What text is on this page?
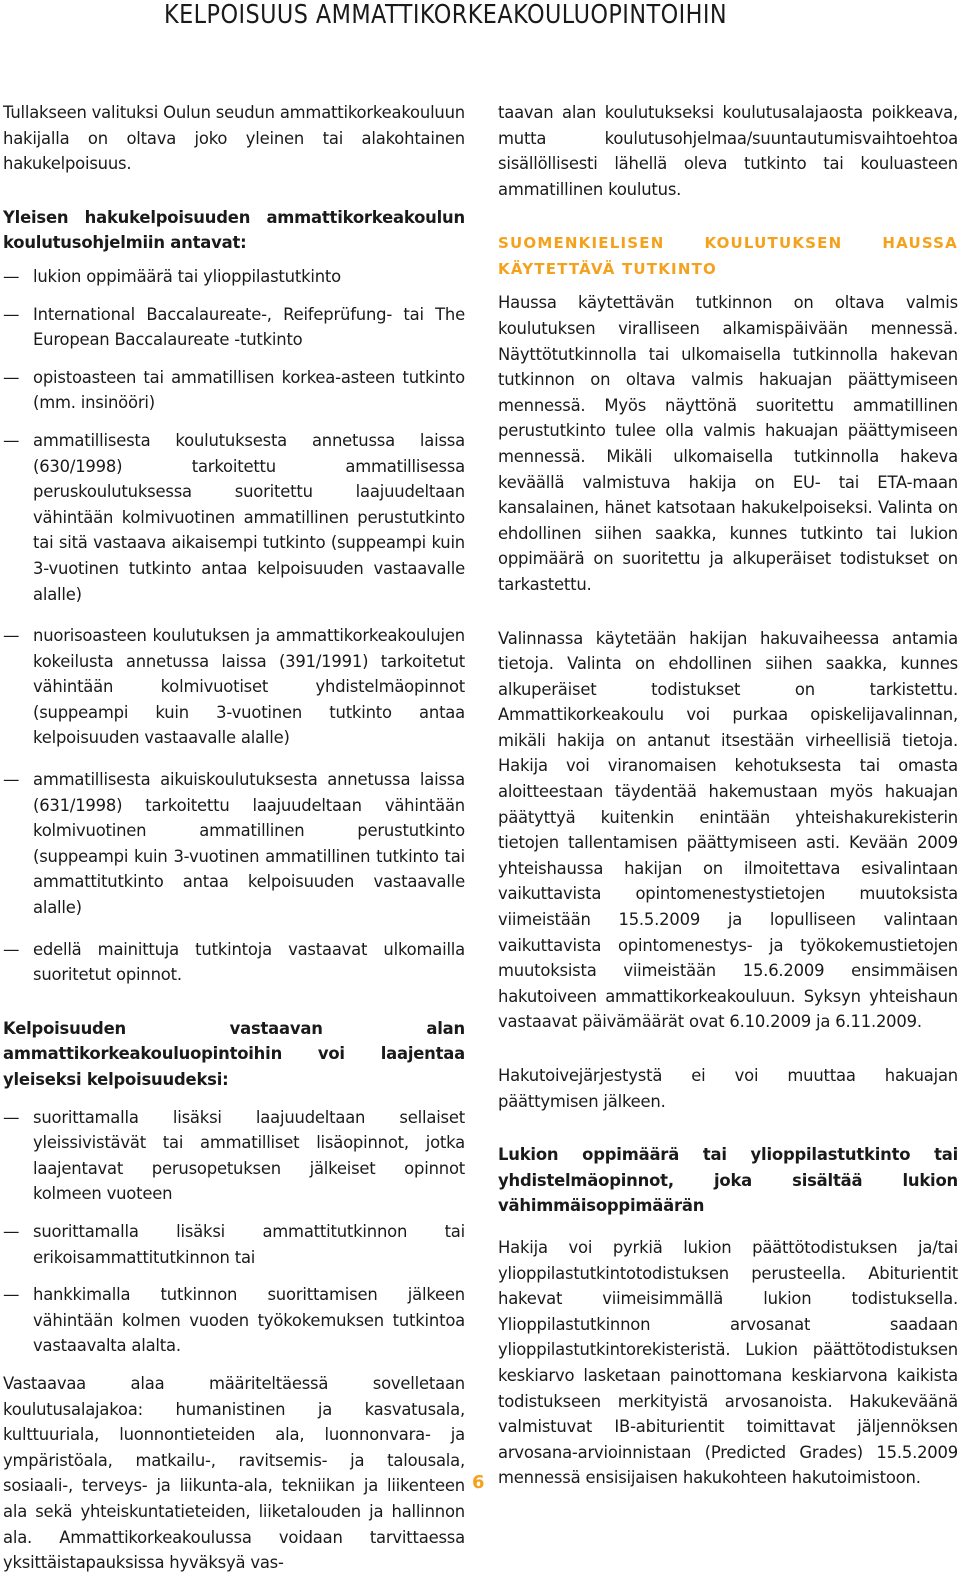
KELPOISUUS AMMATTIKORKEAKOULUOPINTOIHIN

Tullakseen valituksi Oulun seudun ammattikorkeakouluun hakijalla on oltava joko yleinen tai alakohtainen hakukelpoisuus.

Yleisen hakukelpoisuuden ammattikorkeakoulun koulutusohjelmiin antavat:

— lukion oppimäärä tai ylioppilastutkinto
— International Baccalaureate-, Reifeprüfung- tai The European Baccalaureate -tutkinto
— opistoasteen tai ammatillisen korkea-asteen tutkinto (mm. insinööri)
— ammatillisesta koulutuksesta annetussa laissa (630/1998) tarkoitettu ammatillisessa peruskoulutuksessa suoritettu laajuudeltaan vähintään kolmivuotinen ammatillinen perustutkinto tai sitä vastaava aikaisempi tutkinto (suppeampi kuin 3-vuotinen tutkinto antaa kelpoisuuden vastaavalle alalle)
— nuorisoasteen koulutuksen ja ammattikorkeakoulujen kokeilusta annetussa laissa (391/1991) tarkoitetut vähintään kolmivuotiset yhdistelmäopinnot (suppeampi kuin 3-vuotinen tutkinto antaa kelpoisuuden vastaavalle alalle)
— ammatillisesta aikuiskoulutuksesta annetussa laissa (631/1998) tarkoitettu laajuudeltaan vähintään kolmivuotinen ammatillinen perustutkinto (suppeampi kuin 3-vuotinen ammatillinen tutkinto tai ammattitutkinto antaa kelpoisuuden vastaavalle alalle)
— edellä mainittuja tutkintoja vastaavat ulkomailla suoritetut opinnot.

Kelpoisuuden vastaavan alan ammattikorkeakouluopintoihin voi laajentaa yleiseksi kelpoisuudeksi:

— suorittamalla lisäksi laajuudeltaan sellaiset yleissivistävät tai ammatilliset lisäopinnot, jotka laajentavat perusopetuksen jälkeiset opinnot kolmeen vuoteen
— suorittamalla lisäksi ammattitutkinnon tai erikoisammattitutkinnon tai
— hankkimalla tutkinnon suorittamisen jälkeen vähintään kolmen vuoden työkokemuksen tutkintoa vastaavalta alalta.

Vastaavaa alaa määriteltäessä sovelletaan koulutusalajakoa: humanistinen ja kasvatusala, kulttuuriala, luonnontieteiden ala, luonnonvara- ja ympäristöala, matkailu-, ravitsemis- ja talousala, sosiaali-, terveys- ja liikunta-ala, tekniikan ja liikenteen ala sekä yhteiskuntatieteiden, liiketalouden ja hallinnon ala. Ammattikorkeakoulussa voidaan tarvittaessa yksittäistapauksissa hyväksyä vas-

taavan alan koulutukseksi koulutusalajaosta poikkeava, mutta koulutusohjelmaa/suuntautumisvaihtoehtoa sisällöllisesti lähellä oleva tutkinto tai kouluasteen ammatillinen koulutus.

SUOMENKIELISEN KOULUTUKSEN HAUSSA KÄYTETTÄVÄ TUTKINTO

Haussa käytettävän tutkinnon on oltava valmis koulutuksen viralliseen alkamispäivään mennessä. Näyttötutkinnolla tai ulkomaisella tutkinnolla hakevan tutkinnon on oltava valmis hakuajan päättymiseen mennessä. Myös näyttönä suoritettu ammatillinen perustutkinto tulee olla valmis hakuajan päättymiseen mennessä. Mikäli ulkomaisella tutkinnolla hakeva keväällä valmistuva hakija on EU- tai ETA-maan kansalainen, hänet katsotaan hakukelpoiseksi. Valinta on ehdollinen siihen saakka, kunnes tutkinto tai lukion oppimäärä on suoritettu ja alkuperäiset todistukset on tarkastettu.

Valinnassa käytetään hakijan hakuvaiheessa antamia tietoja. Valinta on ehdollinen siihen saakka, kunnes alkuperäiset todistukset on tarkistettu. Ammattikorkeakoulu voi purkaa opiskelijavalinnan, mikäli hakija on antanut itsestään virheellisiä tietoja. Hakija voi viranomaisen kehotuksesta tai omasta aloitteestaan täydentää hakemustaan myös hakuajan päätyttyä kuitenkin enintään yhteishakurekisterin tietojen tallentamisen päättymiseen asti. Kevään 2009 yhteishaussa hakijan on ilmoitettava esivalintaan vaikuttavista opintomenestystietojen muutoksista viimeistään 15.5.2009 ja lopulliseen valintaan vaikuttavista opintomenestys- ja työkokemustietojen muutoksista viimeistään 15.6.2009 ensimmäisen hakutoiveen ammattikorkeakouluun. Syksyn yhteishaun vastaavat päivämäärät ovat 6.10.2009 ja 6.11.2009.

Hakutoivejärjestystä ei voi muuttaa hakuajan päättymisen jälkeen.

Lukion oppimäärä tai ylioppilastutkinto tai yhdistelmäopinnot, joka sisältää lukion vähimmäisoppimäärän

Hakija voi pyrkiä lukion päättötodistuksen ja/tai ylioppilastutkintotodistuksen perusteella. Abiturientit hakevat viimeisimmällä lukion todistuksella. Ylioppilastutkinnon arvosanat saadaan ylioppilastutkintorekisteristä. Lukion päättötodistuksen keskiarvo lasketaan painottomana keskiarvona kaikista todistukseen merkityistä arvosanoista. Hakukeväänä valmistuvat IB-abiturientit toimittavat jäljennöksen arvosana-arvioinnistaan (Predicted Grades) 15.5.2009 mennessä ensisijaisen hakukohteen hakutoimistoon.

6
